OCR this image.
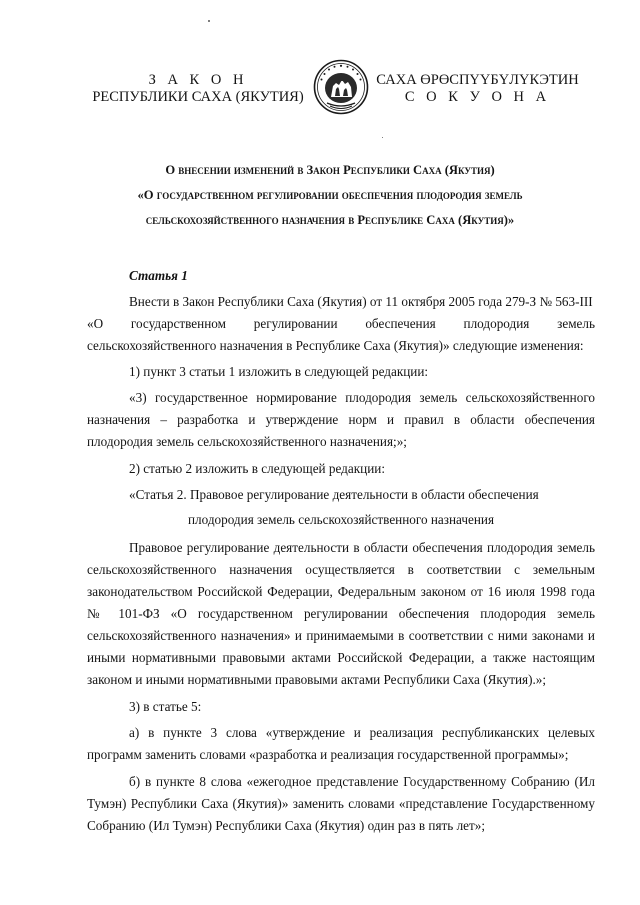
З А К О Н
РЕСПУБЛИКИ САХА (ЯКУТИЯ)
САХА ӨРӨСПҮҮБҮЛҮКЭТИН
С О К У О Н А
О внесении изменений в Закон Республики Саха (Якутия)
«О государственном регулировании обеспечения плодородия земель
сельскохозяйственного назначения в Республике Саха (Якутия)»

Статья 1

Внести в Закон Республики Саха (Якутия) от 11 октября 2005 года 279-З № 563-III

«О государственном регулировании обеспечения плодородия земель

сельскохозяйственного назначения в Республике Саха (Якутия)» следующие изменения:

1) пункт 3 статьи 1 изложить в следующей редакции:

«3) государственное нормирование плодородия земель сельскохозяйственного назначения – разработка и утверждение норм и правил в области обеспечения плодородия земель сельскохозяйственного назначения;»;

2) статью 2 изложить в следующей редакции:

«Статья 2. Правовое регулирование деятельности в области обеспечения

плодородия земель сельскохозяйственного назначения

Правовое регулирование деятельности в области обеспечения плодородия земель сельскохозяйственного назначения осуществляется в соответствии с земельным законодательством Российской Федерации, Федеральным законом от 16 июля 1998 года № 101-ФЗ «О государственном регулировании обеспечения плодородия земель сельскохозяйственного назначения» и принимаемыми в соответствии с ними законами и иными нормативными правовыми актами Российской Федерации, а также настоящим законом и иными нормативными правовыми актами Республики Саха (Якутия).»;

3) в статье 5:

а) в пункте 3 слова «утверждение и реализация республиканских целевых программ заменить словами «разработка и реализация государственной программы»;

б) в пункте 8 слова «ежегодное представление Государственному Собранию (Ил Тумэн) Республики Саха (Якутия)» заменить словами «представление Государственному Собранию (Ил Тумэн) Республики Саха (Якутия) один раз в пять лет»;
